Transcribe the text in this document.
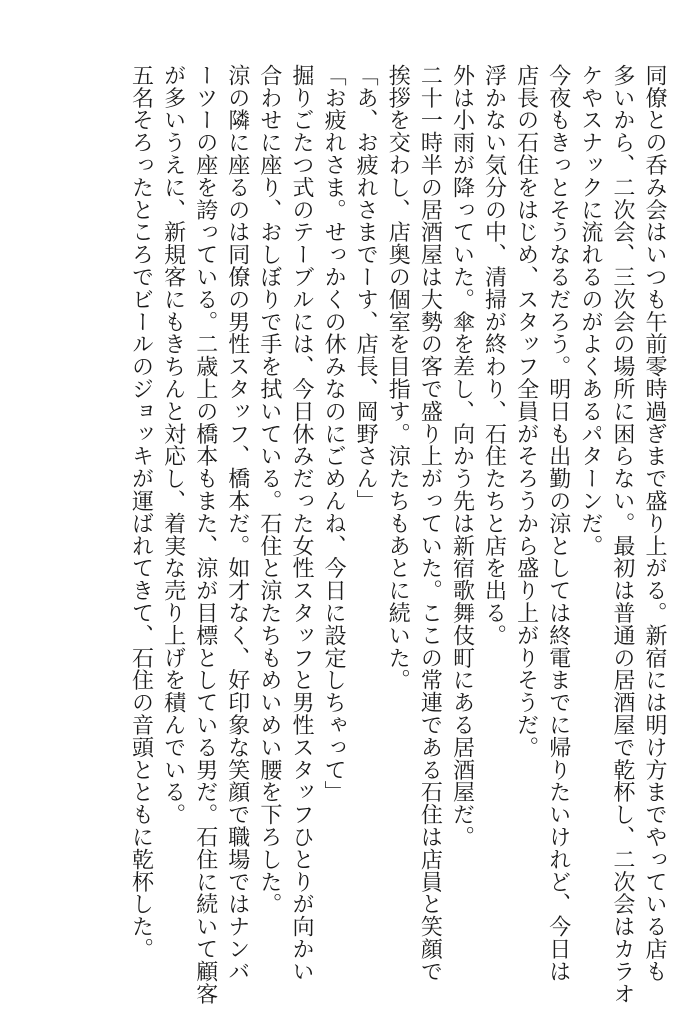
同僚との呑み会はいつも午前零時過ぎまで盛り上がる。新宿には明け方までやっている店も
多いから、二次会、三次会の場所に困らない。最初は普通の居酒屋で乾杯し、二次会はカラオ
ケやスナックに流れるのがよくあるパターンだ。
今夜もきっとそうなるだろう。明日も出勤の涼としては終電までに帰りたいけれど、今日は
店長の石住をはじめ、スタッフ全員がそろうから盛り上がりそうだ。
浮かない気分の中、清掃が終わり、石住たちと店を出る。
外は小雨が降っていた。傘を差し、向かう先は新宿歌舞伎町にある居酒屋だ。
二十一時半の居酒屋は大勢の客で盛り上がっていた。ここの常連である石住は店員と笑顔で
挨拶を交わし、店奥の個室を目指す。涼たちもあとに続いた。
「あ、お疲れさまでーす、店長、岡野さん」
「お疲れさま。せっかくの休みなのにごめんね、今日に設定しちゃって」
掘りごたつ式のテーブルには、今日休みだった女性スタッフと男性スタッフひとりが向かい
合わせに座り、おしぼりで手を拭いている。石住と涼たちもめいめい腰を下ろした。
涼の隣に座るのは同僚の男性スタッフ、橋本だ。如才なく、好印象な笑顔で職場ではナンバ
ーツーの座を誇っている。二歳上の橋本もまた、涼が目標としている男だ。石住に続いて顧客
が多いうえに、新規客にもきちんと対応し、着実な売り上げを積んでいる。
五名そろったところでビールのジョッキが運ばれてきて、石住の音頭とともに乾杯した。
